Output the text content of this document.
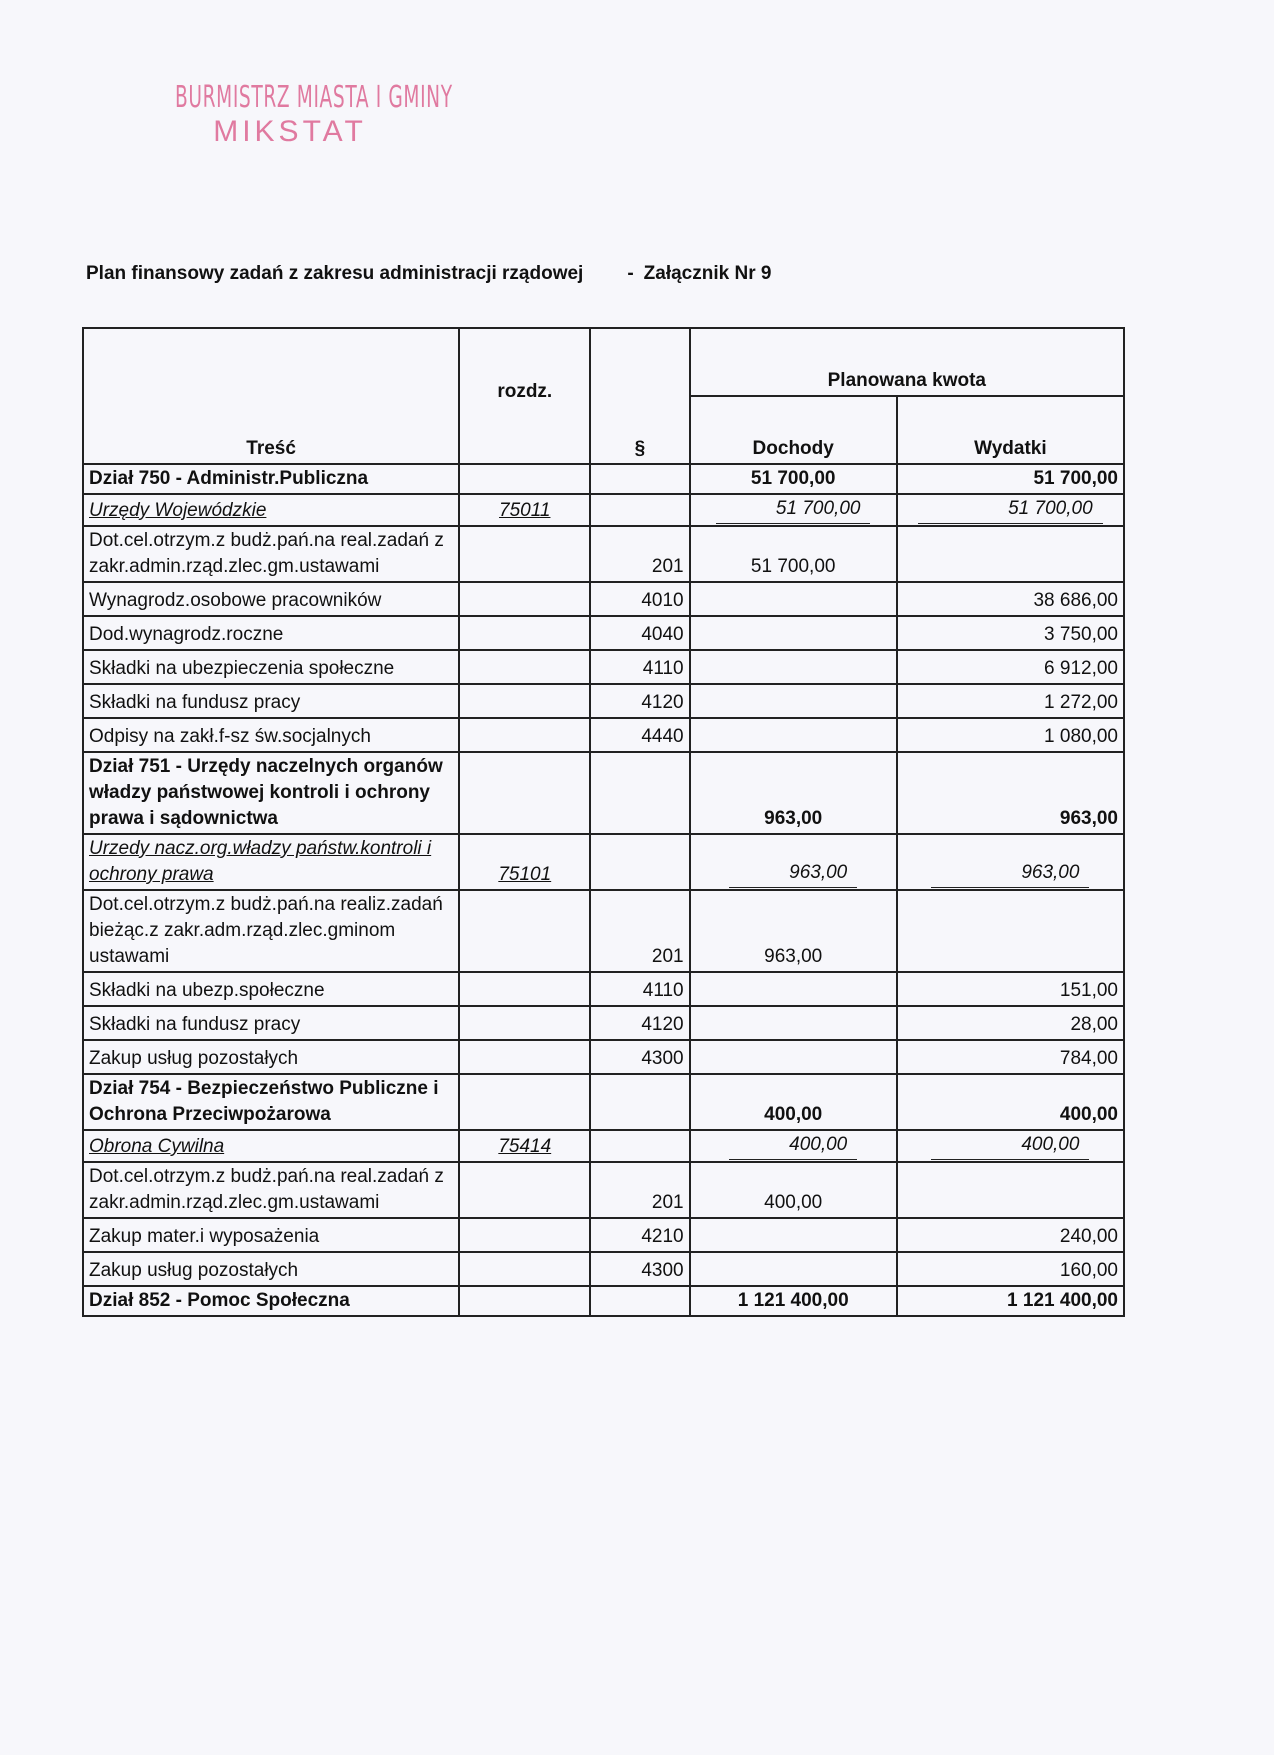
BURMISTRZ MIASTA I GMINY
MIKSTAT
Plan finansowy zadań z zakresu administracji rządowej - Załącznik Nr 9
Treść	rozdz.	§	Planowana kwota	
			Dochody	Wydatki
Dział 750 - Administr.Publiczna			51 700,00	51 700,00
Urzędy Wojewódzkie	75011		51 700,00	51 700,00
Dot.cel.otrzym.z budż.pań.na real.zadań z zakr.admin.rząd.zlec.gm.ustawami		201	51 700,00	
Wynagrodz.osobowe pracowników		4010		38 686,00
Dod.wynagrodz.roczne		4040		3 750,00
Składki na ubezpieczenia społeczne		4110		6 912,00
Składki na fundusz pracy		4120		1 272,00
Odpisy na zakł.f-sz św.socjalnych		4440		1 080,00
Dział 751 - Urzędy naczelnych organów władzy państwowej kontroli i ochrony prawa i sądownictwa			963,00	963,00
Urzedy nacz.org.władzy państw.kontroli i ochrony prawa	75101		963,00	963,00
Dot.cel.otrzym.z budż.pań.na realiz.zadań bieżąc.z zakr.adm.rząd.zlec.gminom ustawami		201	963,00	
Składki na ubezp.społeczne		4110		151,00
Składki na fundusz pracy		4120		28,00
Zakup usług pozostałych		4300		784,00
Dział 754 - Bezpieczeństwo Publiczne i Ochrona Przeciwpożarowa			400,00	400,00
Obrona Cywilna	75414		400,00	400,00
Dot.cel.otrzym.z budż.pań.na real.zadań z zakr.admin.rząd.zlec.gm.ustawami		201	400,00	
Zakup mater.i wyposażenia		4210		240,00
Zakup usług pozostałych		4300		160,00
Dział 852 - Pomoc Społeczna			1 121 400,00	1 121 400,00
